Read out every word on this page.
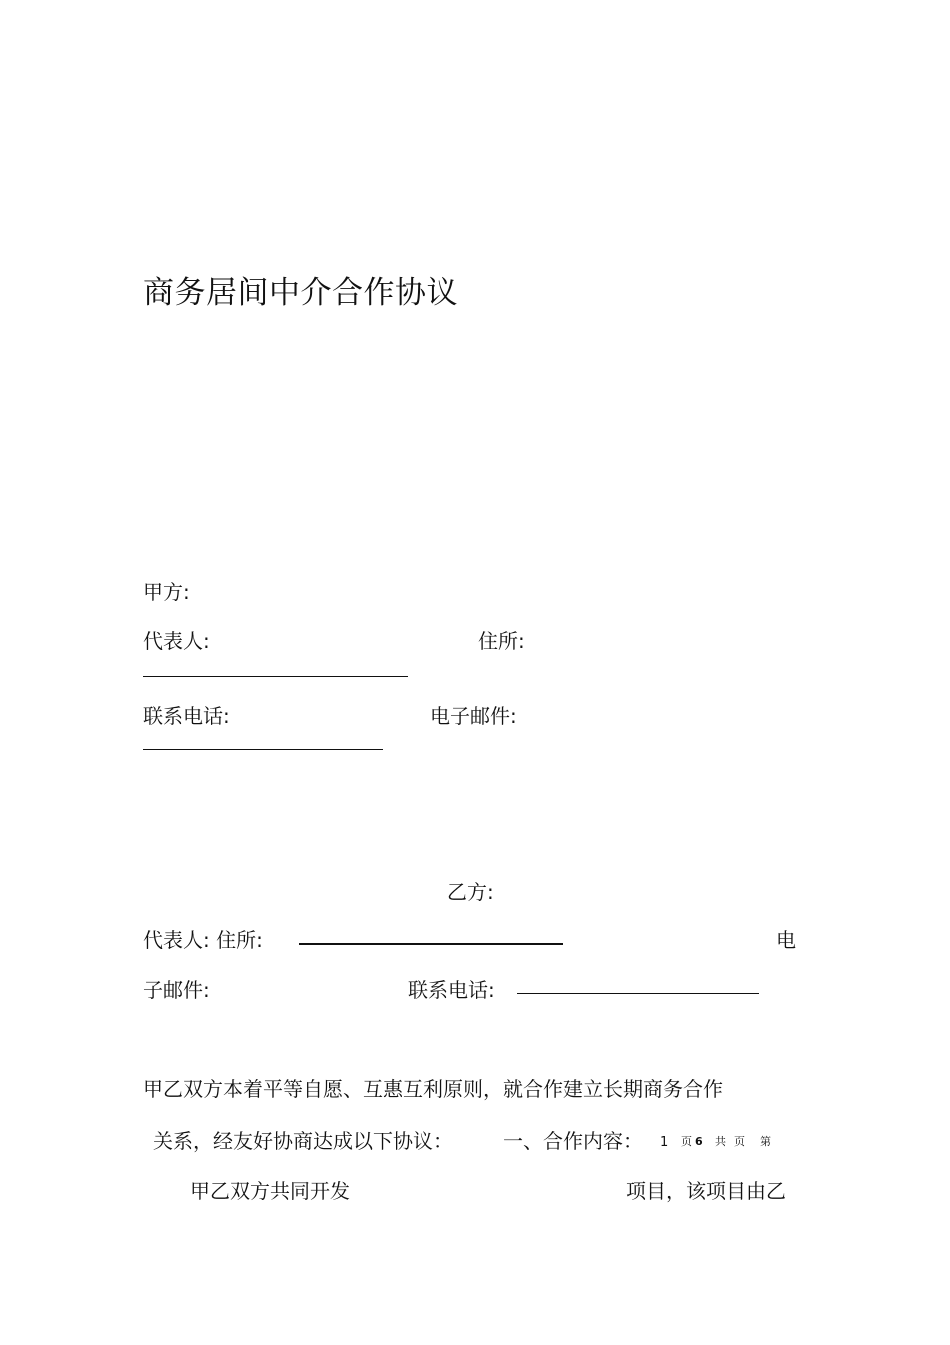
商务居间中介合作协议
甲方:
代表人:	住所:
联系电话:	电子邮件:
乙方:
代表人: 住所:	电
子邮件:	联系电话:
甲乙双方本着平等自愿、互惠互利原则，就合作建立长期商务合作
关系，经友好协商达成以下协议：	一、合作内容： 1 页 6 共 页 第
甲乙双方共同开发	项目，该项目由乙
